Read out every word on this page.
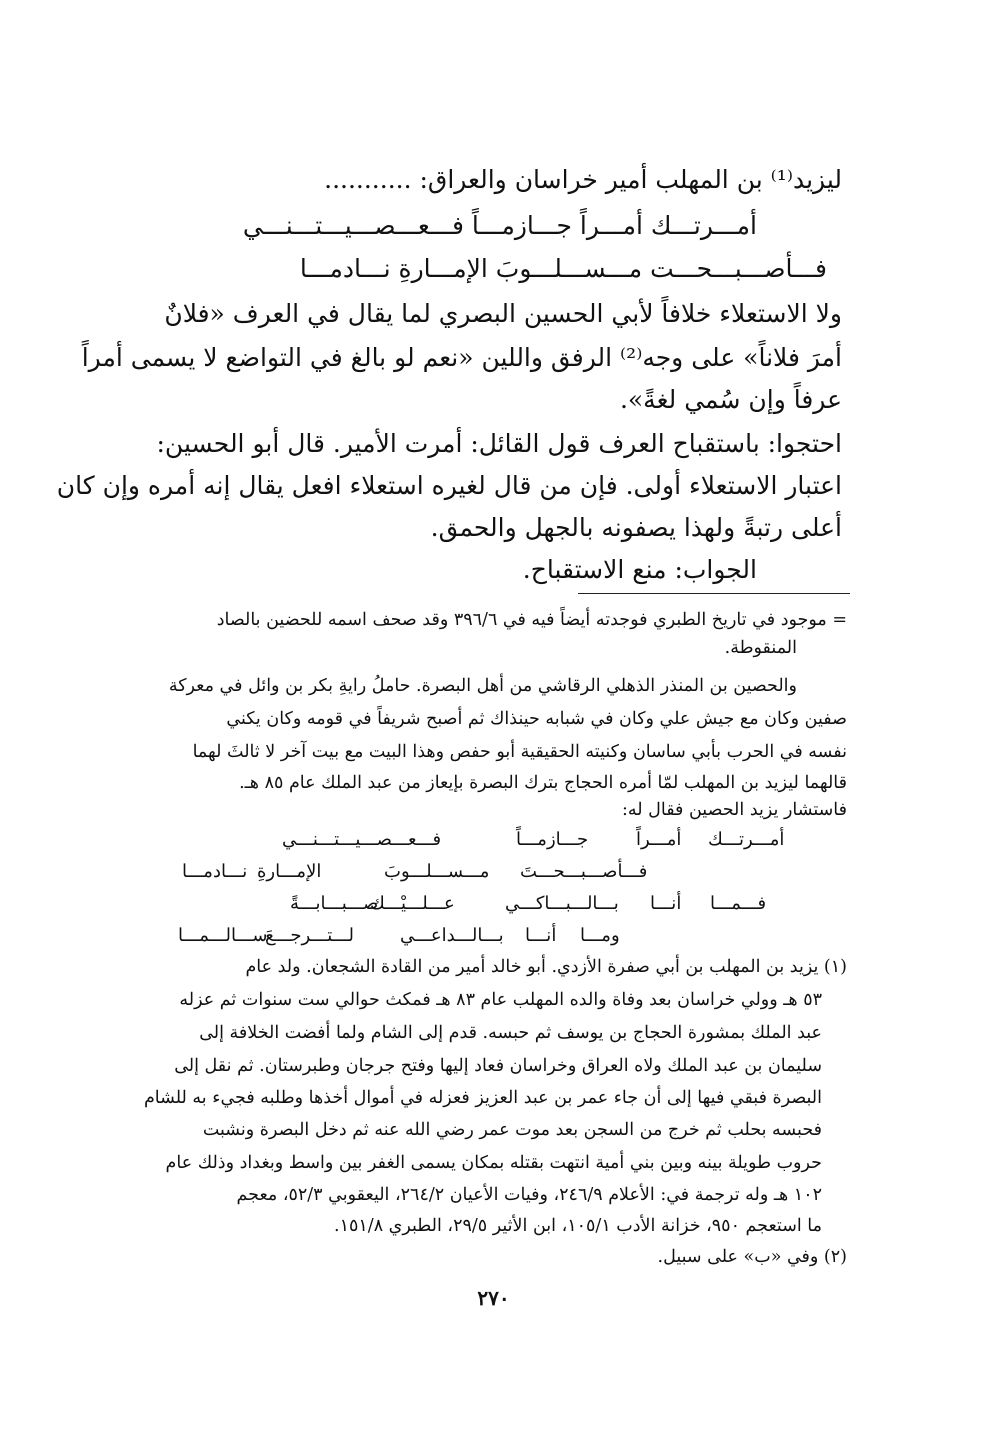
ليزيد⁽¹⁾ بن المهلب أمير خراسان والعراق: ...........
أمـــرتـــك أمـــراً جـــازمـــاً فـــعـــصـــيـــتـــنـــي
فـــأصـــبـــحـــت مـــســـلـــوبَ الإمـــارةِ نـــادمـــا
ولا الاستعلاء خلافاً لأبي الحسين البصري لما يقال في العرف «فلانٌ
أمرَ فلاناً» على وجه⁽²⁾ الرفق واللين «نعم لو بالغ في التواضع لا يسمى أمراً
عرفاً وإن سُمي لغةً».
احتجوا: باستقباح العرف قول القائل: أمرت الأمير. قال أبو الحسين:
اعتبار الاستعلاء أولى. فإن من قال لغيره استعلاء افعل يقال إنه أمره وإن كان
أعلى رتبةً ولهذا يصفونه بالجهل والحمق.
الجواب: منع الاستقباح.
= موجود في تاريخ الطبري فوجدته أيضاً فيه في ٣٩٦/٦ وقد صحف اسمه للحضين بالصاد
المنقوطة.
والحصين بن المنذر الذهلي الرقاشي من أهل البصرة. حاملُ رايةِ بكر بن وائل في معركة
صفين وكان مع جيش علي وكان في شبابه حينذاك ثم أصبح شريفاً في قومه وكان يكني
نفسه في الحرب بأبي ساسان وكنيته الحقيقية أبو حفص وهذا البيت مع بيت آخر لا ثالثَ لهما
قالهما ليزيد بن المهلب لمّا أمره الحجاج بترك البصرة بإيعاز من عبد الملك عام ٨٥ هـ.
فاستشار يزيد الحصين فقال له:
أمـــرتـــك
أمـــراً
جـــازمـــاً
فـــعـــصـــيـــتـــنـــي
فـــأصـــبـــحـــتَ
مـــســـلـــوبَ
الإمـــارةِ
نـــادمـــا
فـــمـــا
أنـــا
بـــالـــبـــاكـــي
عـــلـــيْـــك
صـــبـــابـــةً
ومـــا
أنـــا
بـــالـــداعـــي
لـــتـــرجـــعَ
ســـالـــمـــا
(١) يزيد بن المهلب بن أبي صفرة الأزدي. أبو خالد أمير من القادة الشجعان. ولد عام
٥٣ هـ وولي خراسان بعد وفاة والده المهلب عام ٨٣ هـ فمكث حوالي ست سنوات ثم عزله
عبد الملك بمشورة الحجاج بن يوسف ثم حبسه. قدم إلى الشام ولما أفضت الخلافة إلى
سليمان بن عبد الملك ولاه العراق وخراسان فعاد إليها وفتح جرجان وطبرستان. ثم نقل إلى
البصرة فبقي فيها إلى أن جاء عمر بن عبد العزيز فعزله في أموال أخذها وطلبه فجيء به للشام
فحبسه بحلب ثم خرج من السجن بعد موت عمر رضي الله عنه ثم دخل البصرة ونشبت
حروب طويلة بينه وبين بني أمية انتهت بقتله بمكان يسمى الغفر بين واسط وبغداد وذلك عام
١٠٢ هـ وله ترجمة في: الأعلام ٢٤٦/٩، وفيات الأعيان ٢٦٤/٢، اليعقوبي ٥٢/٣، معجم
ما استعجم ٩٥٠، خزانة الأدب ١٠٥/١، ابن الأثير ٢٩/٥، الطبري ١٥١/٨.
(٢) وفي «ب» على سبيل.
٢٧٠
